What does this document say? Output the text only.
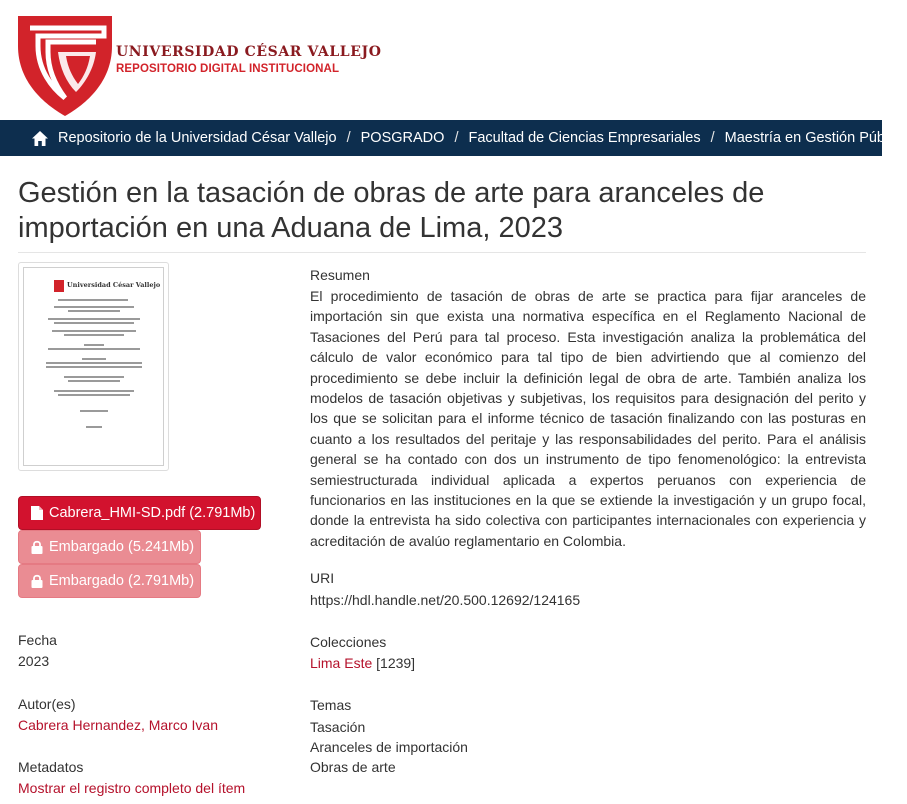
UNIVERSIDAD CÉSAR VALLEJO
REPOSITORIO DIGITAL INSTITUCIONAL
Repositorio de la Universidad César Vallejo / POSGRADO / Facultad de Ciencias Empresariales / Maestría en Gestión Pública
Gestión en la tasación de obras de arte para aranceles de importación en una Aduana de Lima, 2023
Universidad César Vallejo
Cabrera_HMI-SD.pdf (2.791Mb)
Embargado (5.241Mb)
Embargado (2.791Mb)
Fecha
2023
Autor(es)
Cabrera Hernandez, Marco Ivan
Metadatos
Mostrar el registro completo del ítem
Resumen
El procedimiento de tasación de obras de arte se practica para fijar aranceles de importación sin que exista una normativa específica en el Reglamento Nacional de Tasaciones del Perú para tal proceso. Esta investigación analiza la problemática del cálculo de valor económico para tal tipo de bien advirtiendo que al comienzo del procedimiento se debe incluir la definición legal de obra de arte. También analiza los modelos de tasación objetivas y subjetivas, los requisitos para designación del perito y los que se solicitan para el informe técnico de tasación finalizando con las posturas en cuanto a los resultados del peritaje y las responsabilidades del perito. Para el análisis general se ha contado con dos un instrumento de tipo fenomenológico: la entrevista semiestructurada individual aplicada a expertos peruanos con experiencia de funcionarios en las instituciones en la que se extiende la investigación y un grupo focal, donde la entrevista ha sido colectiva con participantes internacionales con experiencia y acreditación de avalúo reglamentario en Colombia.
URI
https://hdl.handle.net/20.500.12692/124165
Colecciones
Lima Este [1239]
Temas
Tasación
Aranceles de importación
Obras de arte
